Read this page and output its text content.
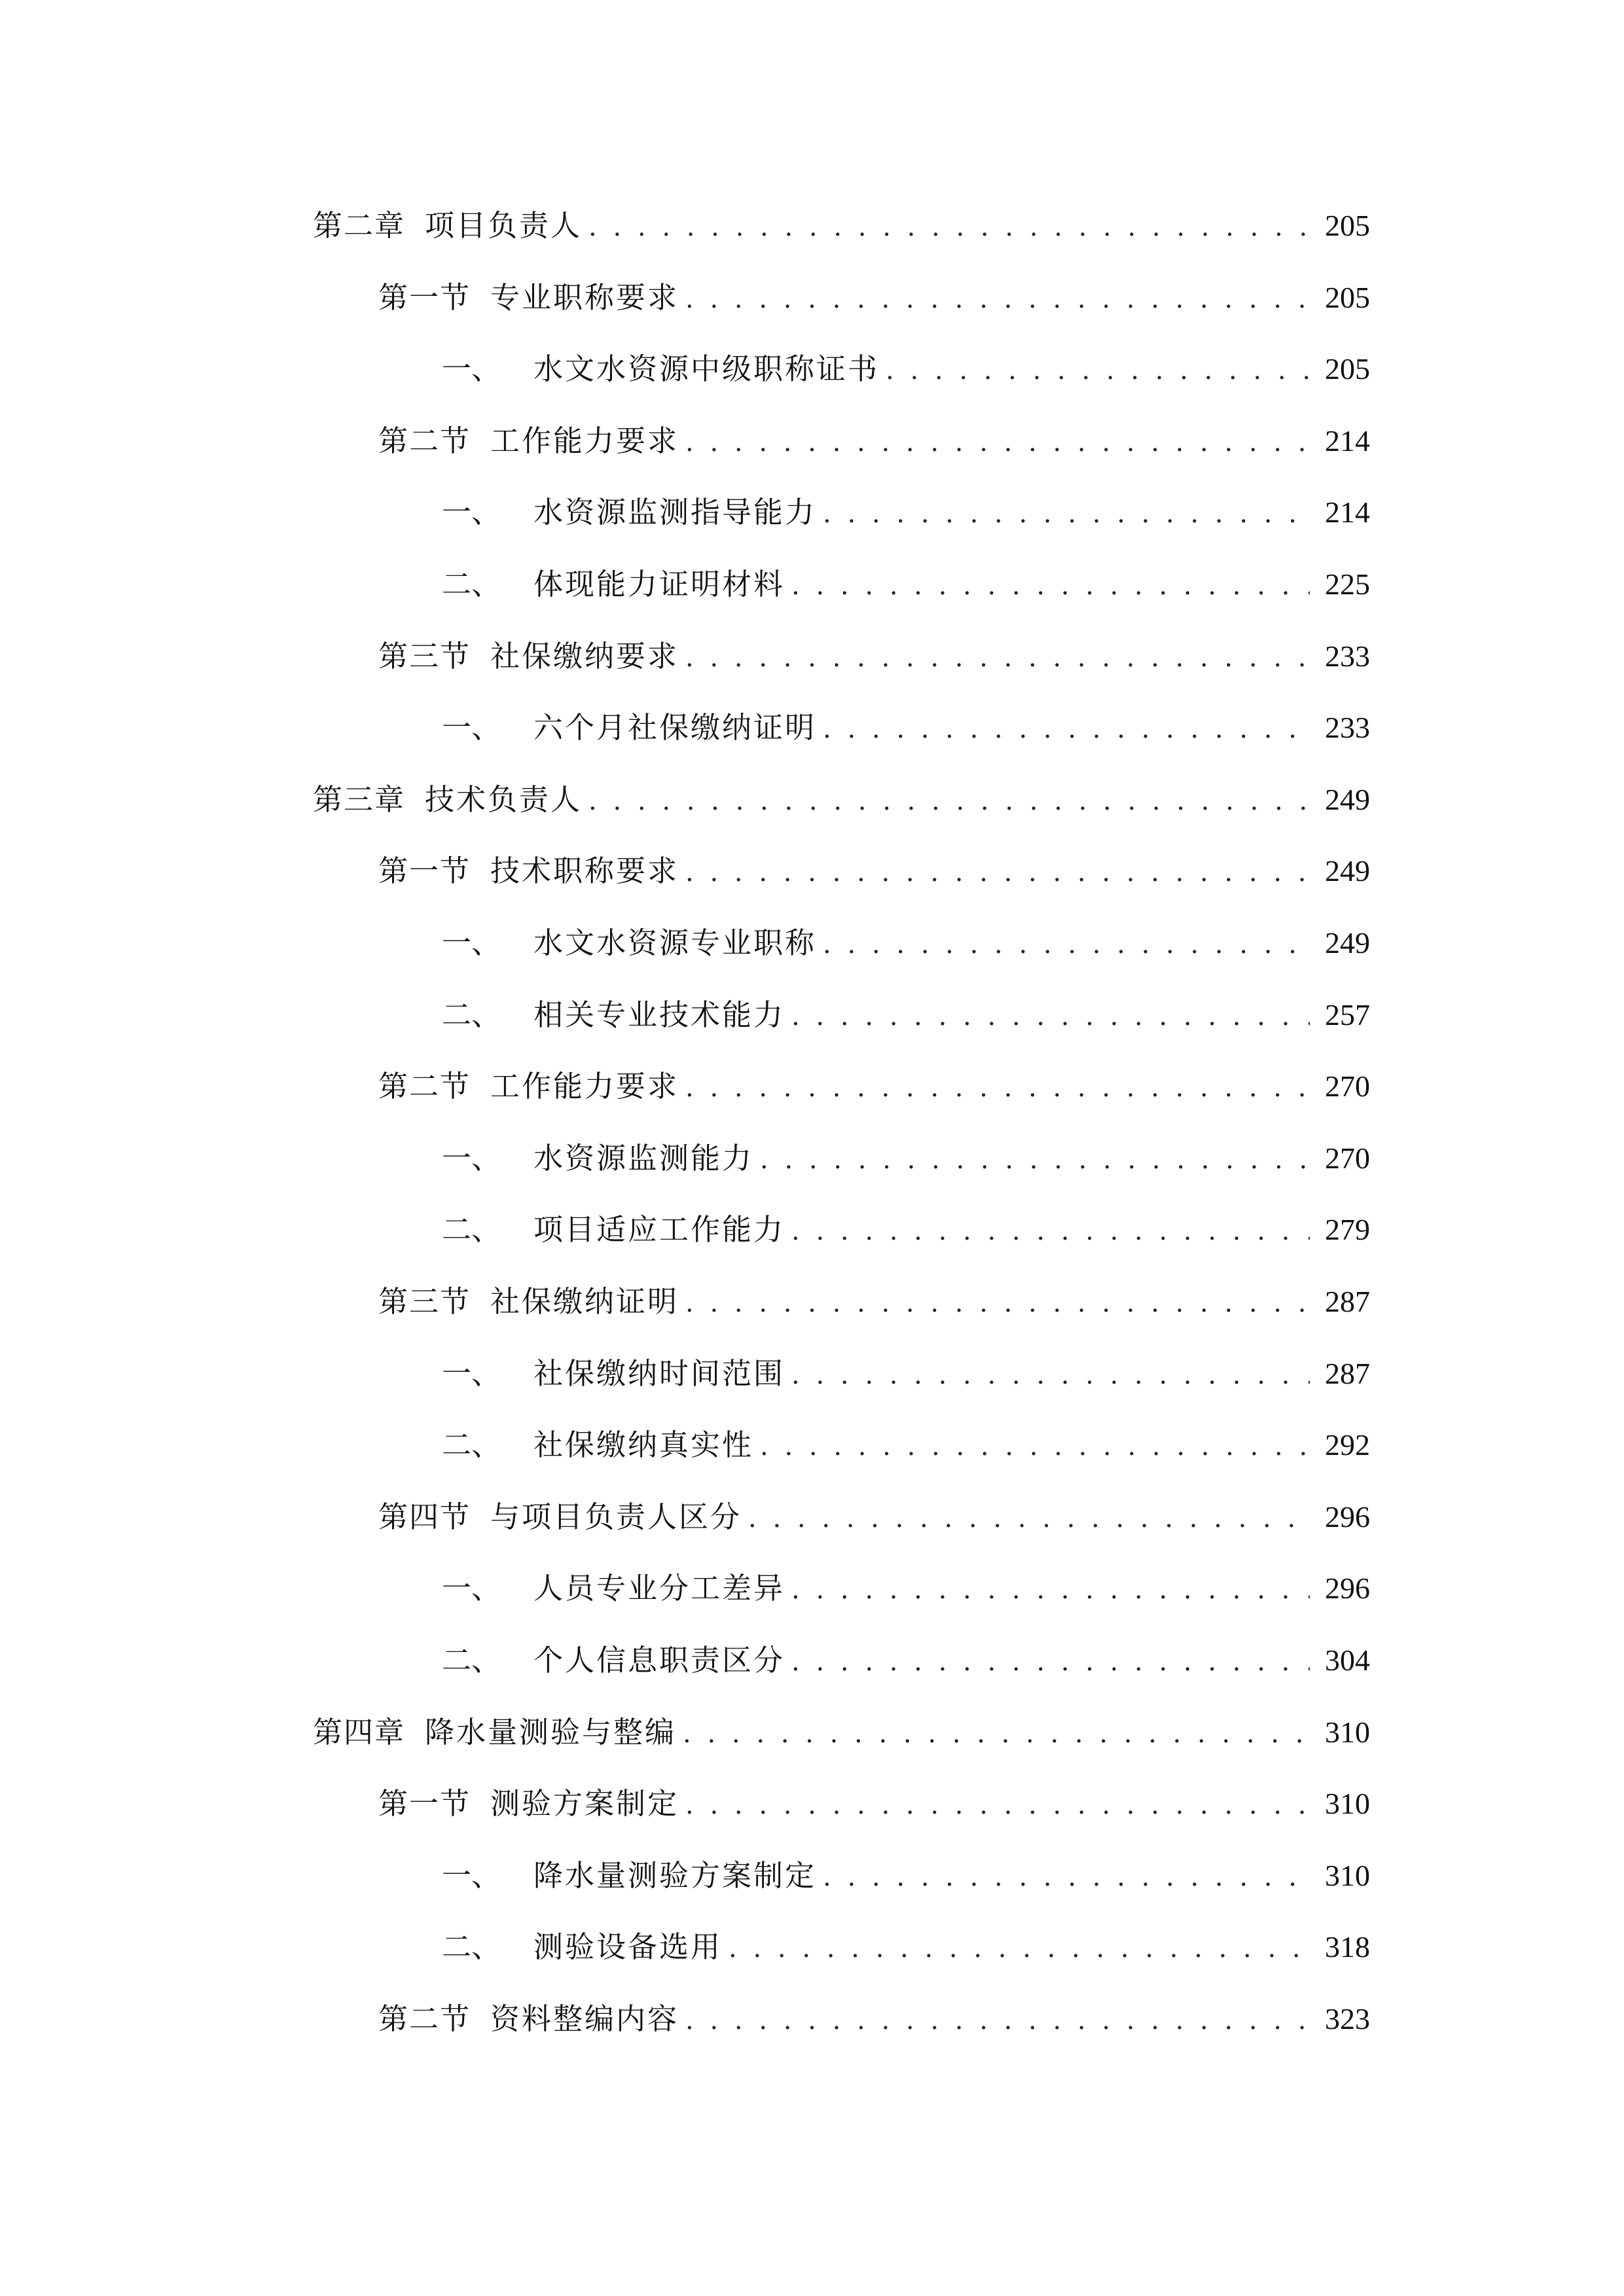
第二章 项目负责人 . . .	205
第一节 专业职称要求 . . .	205
一、 水文水资源中级职称证书 . . .	205
第二节 工作能力要求 . . .	214
一、 水资源监测指导能力 . . .	214
二、 体现能力证明材料 . . .	225
第三节 社保缴纳要求 . . .	233
一、 六个月社保缴纳证明 . . .	233
第三章 技术负责人 . . .	249
第一节 技术职称要求 . . .	249
一、 水文水资源专业职称 . . .	249
二、 相关专业技术能力 . . .	257
第二节 工作能力要求 . . .	270
一、 水资源监测能力 . . .	270
二、 项目适应工作能力 . . .	279
第三节 社保缴纳证明 . . .	287
一、 社保缴纳时间范围 . . .	287
二、 社保缴纳真实性 . . .	292
第四节 与项目负责人区分 . . .	296
一、 人员专业分工差异 . . .	296
二、 个人信息职责区分 . . .	304
第四章 降水量测验与整编 . . .	310
第一节 测验方案制定 . . .	310
一、 降水量测验方案制定 . . .	310
二、 测验设备选用 . . .	318
第二节 资料整编内容 . . .	323
